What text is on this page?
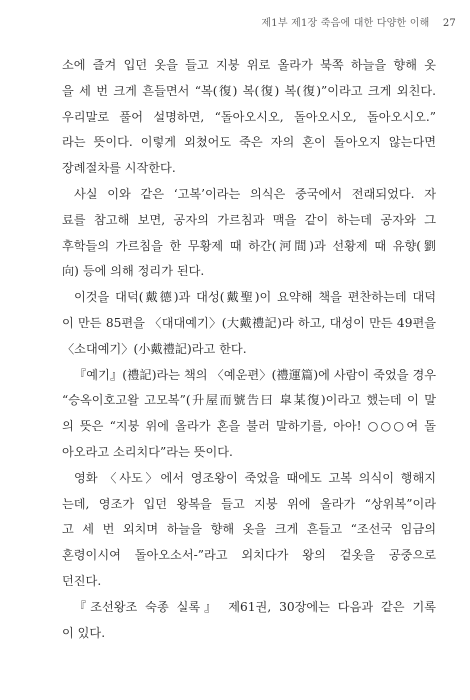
제1부 제1장 죽음에 대한 다양한 이해 27

소에 즐겨 입던 옷을 들고 지붕 위로 올라가 북쪽 하늘을 향해 옷
을 세 번 크게 흔들면서 “복(復) 복(復) 복(復)”이라고 크게 외친다.
우리말로 풀어 설명하면, “돌아오시오, 돌아오시오, 돌아오시오.”
라는 뜻이다. 이렇게 외쳤어도 죽은 자의 혼이 돌아오지 않는다면
장례절차를 시작한다.

사실 이와 같은 ‘고복’이라는 의식은 중국에서 전래되었다. 자
료를 참고해 보면, 공자의 가르침과 맥을 같이 하는데 공자와 그
후학들의 가르침을 한 무황제 때 하간(河間)과 선황제 때 유향(劉
向) 등에 의해 정리가 된다.

이것을 대덕(戴德)과 대성(戴聖)이 요약해 책을 편찬하는데 대덕
이 만든 85편을 〈대대예기〉(大戴禮記)라 하고, 대성이 만든 49편을
〈소대예기〉(小戴禮記)라고 한다.

『예기』(禮記)라는 책의 〈예운편〉(禮運篇)에 사람이 죽었을 경우
“승옥이호고왈 고모복”(升屋而號告曰 皐某復)이라고 했는데 이 말
의 뜻은 “지붕 위에 올라가 혼을 불러 말하기를, 아아! ○○○여 돌
아오라고 소리치다”라는 뜻이다.

영화 〈사도〉에서 영조왕이 죽었을 때에도 고복 의식이 행해지
는데, 영조가 입던 왕복을 들고 지붕 위에 올라가 “상위복”이라
고 세 번 외치며 하늘을 향해 옷을 크게 흔들고 “조선국 임금의
혼령이시여 돌아오소서-”라고 외치다가 왕의 겉옷을 공중으로
던진다.

『조선왕조 숙종 실록』 제61권, 30장에는 다음과 같은 기록
이 있다.
